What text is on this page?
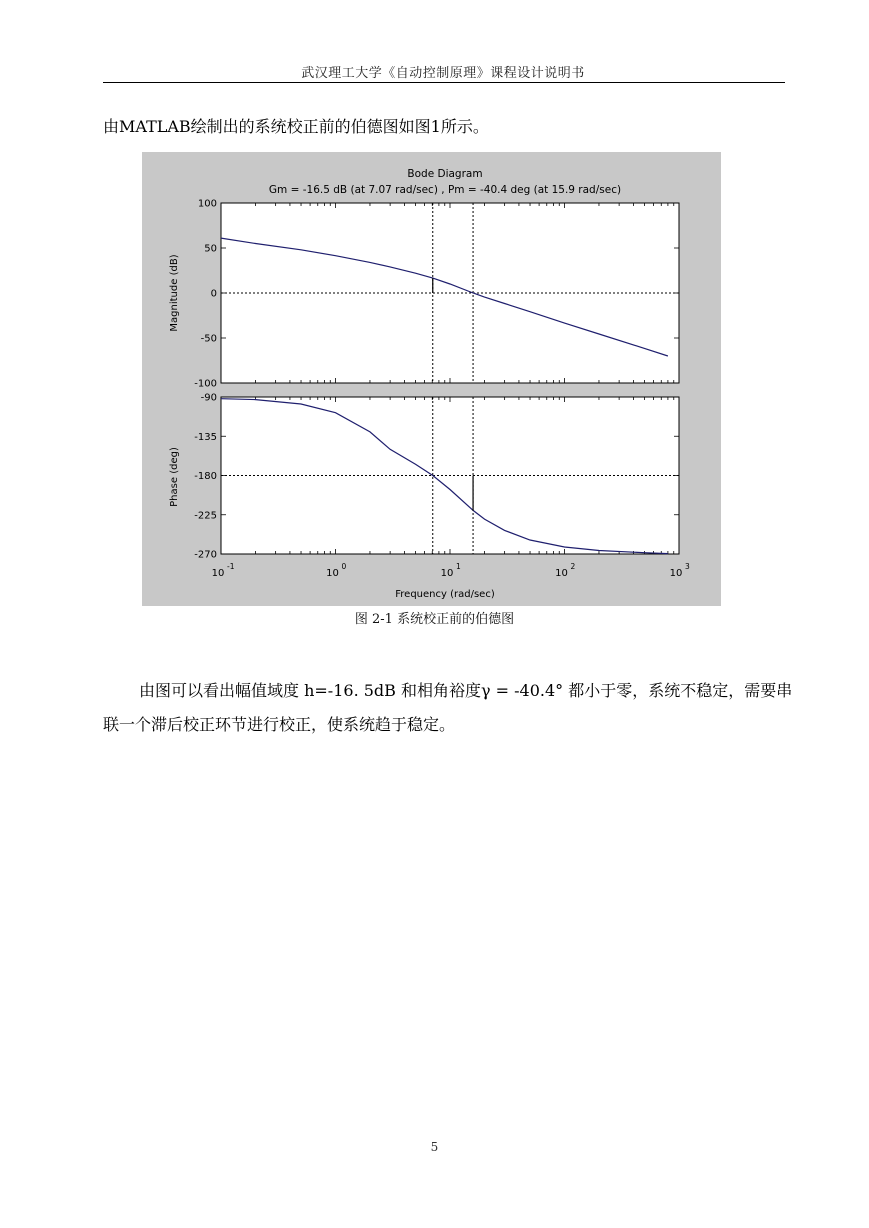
武汉理工大学《自动控制原理》课程设计说明书
由MATLAB绘制出的系统校正前的伯德图如图1所示。
Bode Diagram
Gm = -16.5 dB (at 7.07 rad/sec) , Pm = -40.4 deg (at 15.9 rad/sec)
100
50
0
-50
-100
-90
-135
-180
-225
-270
10
-1
10
0
10
1
10
2
10
3
Magnitude (dB)
Phase (deg)
Frequency (rad/sec)
图 2-1 系统校正前的伯德图
由图可以看出幅值域度 h=-16. 5dB 和相角裕度γ = -40.4° 都小于零，系统不稳定，需要串联一个滞后校正环节进行校正，使系统趋于稳定。
5
